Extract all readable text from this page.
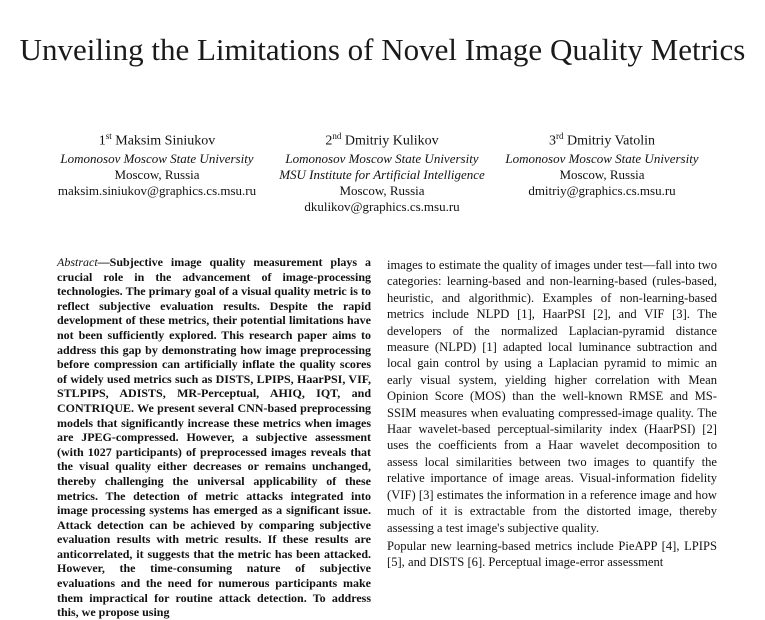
Unveiling the Limitations of Novel Image Quality Metrics
1st Maksim Siniukov
Lomonosov Moscow State University
Moscow, Russia
maksim.siniukov@graphics.cs.msu.ru
2nd Dmitriy Kulikov
Lomonosov Moscow State University
MSU Institute for Artificial Intelligence
Moscow, Russia
dkulikov@graphics.cs.msu.ru
3rd Dmitriy Vatolin
Lomonosov Moscow State University
Moscow, Russia
dmitriy@graphics.cs.msu.ru
Abstract—Subjective image quality measurement plays a crucial role in the advancement of image-processing technologies. The primary goal of a visual quality metric is to reflect subjective evaluation results. Despite the rapid development of these metrics, their potential limitations have not been sufficiently explored. This research paper aims to address this gap by demonstrating how image preprocessing before compression can artificially inflate the quality scores of widely used metrics such as DISTS, LPIPS, HaarPSI, VIF, STLPIPS, ADISTS, MR-Perceptual, AHIQ, IQT, and CONTRIQUE. We present several CNN-based preprocessing models that significantly increase these metrics when images are JPEG-compressed. However, a subjective assessment (with 1027 participants) of preprocessed images reveals that the visual quality either decreases or remains unchanged, thereby challenging the universal applicability of these metrics. The detection of metric attacks integrated into image processing systems has emerged as a significant issue. Attack detection can be achieved by comparing subjective evaluation results with metric results. If these results are anticorrelated, it suggests that the metric has been attacked. However, the time-consuming nature of subjective evaluations and the need for numerous participants make them impractical for routine attack detection. To address this, we propose using

images to estimate the quality of images under test—fall into two categories: learning-based and non-learning-based (rules-based, heuristic, and algorithmic). Examples of non-learning-based metrics include NLPD [1], HaarPSI [2], and VIF [3]. The developers of the normalized Laplacian-pyramid distance measure (NLPD) [1] adapted local luminance subtraction and local gain control by using a Laplacian pyramid to mimic an early visual system, yielding higher correlation with Mean Opinion Score (MOS) than the well-known RMSE and MS-SSIM measures when evaluating compressed-image quality. The Haar wavelet-based perceptual-similarity index (HaarPSI) [2] uses the coefficients from a Haar wavelet decomposition to assess local similarities between two images to quantify the relative importance of image areas. Visual-information fidelity (VIF) [3] estimates the information in a reference image and how much of it is extractable from the distorted image, thereby assessing a test image's subjective quality.

Popular new learning-based metrics include PieAPP [4], LPIPS [5], and DISTS [6]. Perceptual image-error assessment
